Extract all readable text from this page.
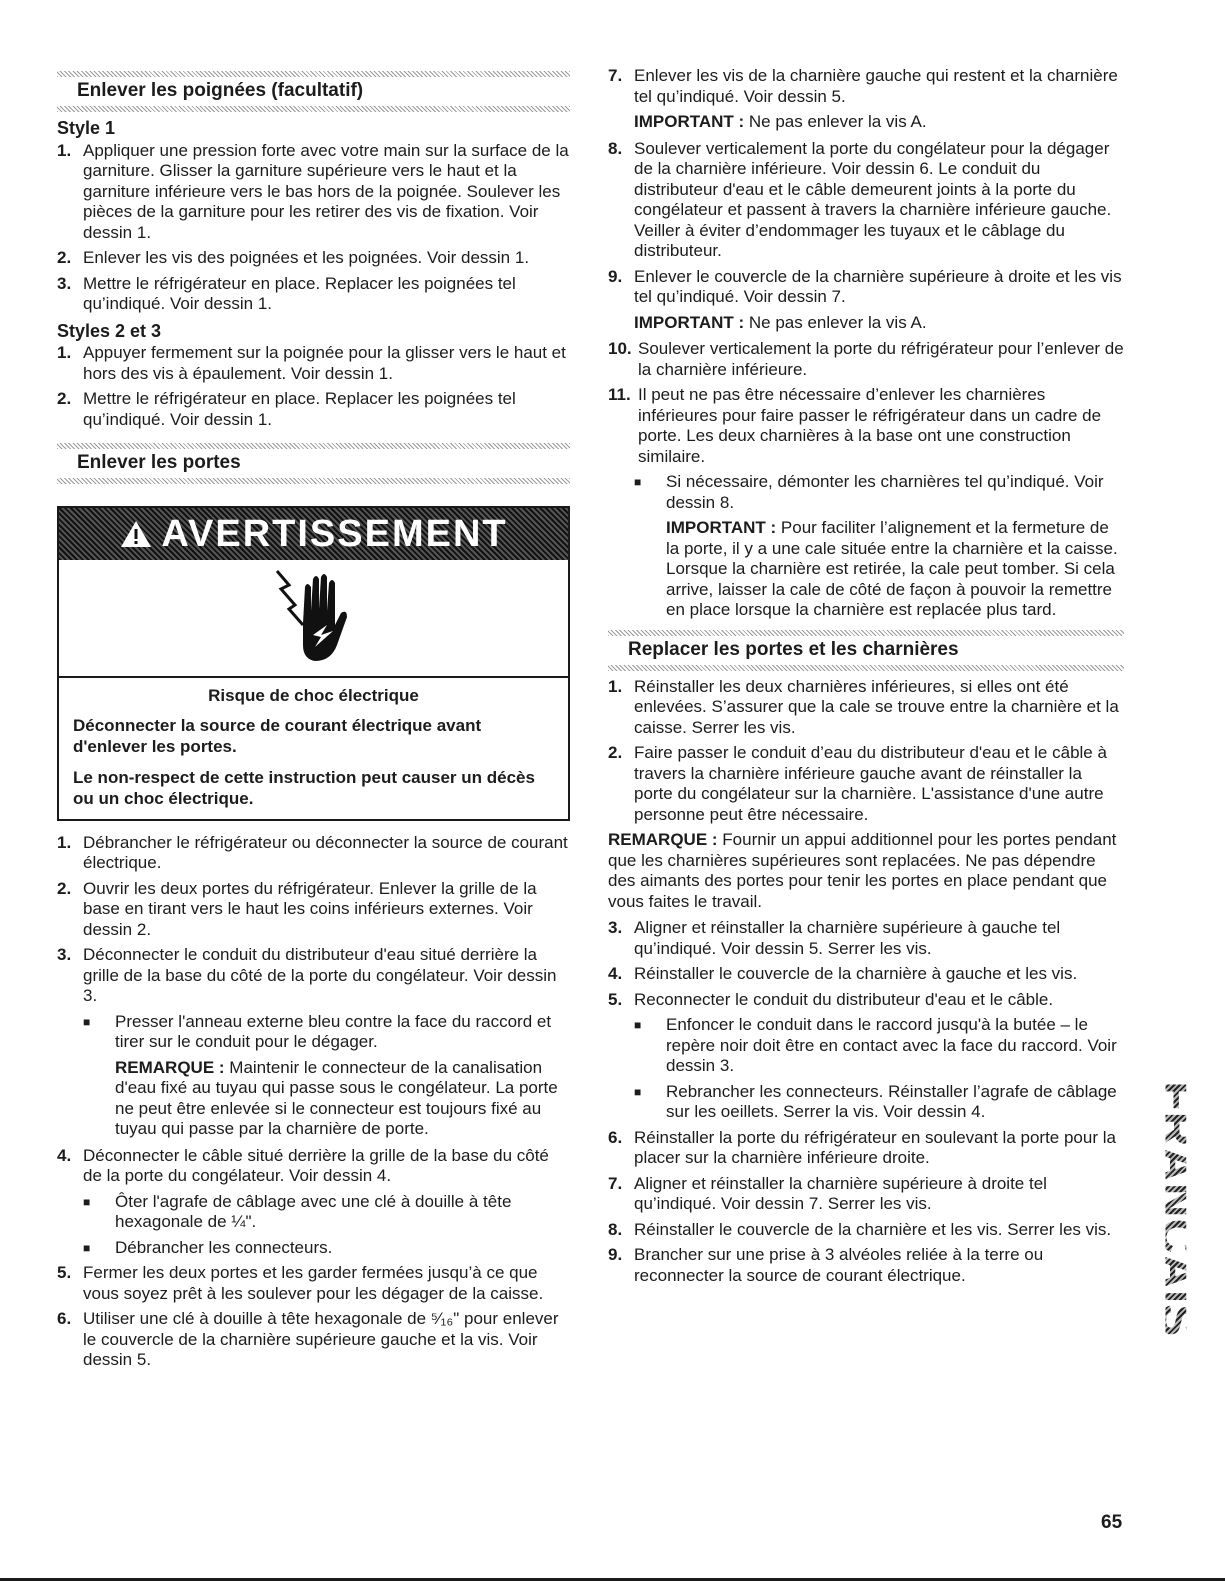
Enlever les poignées (facultatif)
Style 1
1. Appliquer une pression forte avec votre main sur la surface de la garniture. Glisser la garniture supérieure vers le haut et la garniture inférieure vers le bas hors de la poignée. Soulever les pièces de la garniture pour les retirer des vis de fixation. Voir dessin 1.
2. Enlever les vis des poignées et les poignées. Voir dessin 1.
3. Mettre le réfrigérateur en place. Replacer les poignées tel qu’indiqué. Voir dessin 1.
Styles 2 et 3
1. Appuyer fermement sur la poignée pour la glisser vers le haut et hors des vis à épaulement. Voir dessin 1.
2. Mettre le réfrigérateur en place. Replacer les poignées tel qu’indiqué. Voir dessin 1.
Enlever les portes
AVERTISSEMENT
Risque de choc électrique
Déconnecter la source de courant électrique avant d'enlever les portes.
Le non-respect de cette instruction peut causer un décès ou un choc électrique.
1. Débrancher le réfrigérateur ou déconnecter la source de courant électrique.
2. Ouvrir les deux portes du réfrigérateur. Enlever la grille de la base en tirant vers le haut les coins inférieurs externes. Voir dessin 2.
3. Déconnecter le conduit du distributeur d'eau situé derrière la grille de la base du côté de la porte du congélateur. Voir dessin 3.
■	Presser l'anneau externe bleu contre la face du raccord et tirer sur le conduit pour le dégager.
REMARQUE : Maintenir le connecteur de la canalisation d'eau fixé au tuyau qui passe sous le congélateur. La porte ne peut être enlevée si le connecteur est toujours fixé au tuyau qui passe par la charnière de porte.
4. Déconnecter le câble situé derrière la grille de la base du côté de la porte du congélateur. Voir dessin 4.
■	Ôter l'agrafe de câblage avec une clé à douille à tête hexagonale de ¼".
■	Débrancher les connecteurs.
5. Fermer les deux portes et les garder fermées jusqu’à ce que vous soyez prêt à les soulever pour les dégager de la caisse.
6. Utiliser une clé à douille à tête hexagonale de ⁵⁄₁₆" pour enlever le couvercle de la charnière supérieure gauche et la vis. Voir dessin 5.
7. Enlever les vis de la charnière gauche qui restent et la charnière tel qu’indiqué. Voir dessin 5.
IMPORTANT : Ne pas enlever la vis A.
8. Soulever verticalement la porte du congélateur pour la dégager de la charnière inférieure. Voir dessin 6. Le conduit du distributeur d'eau et le câble demeurent joints à la porte du congélateur et passent à travers la charnière inférieure gauche. Veiller à éviter d’endommager les tuyaux et le câblage du distributeur.
9. Enlever le couvercle de la charnière supérieure à droite et les vis tel qu’indiqué. Voir dessin 7.
IMPORTANT : Ne pas enlever la vis A.
10. Soulever verticalement la porte du réfrigérateur pour l’enlever de la charnière inférieure.
11. Il peut ne pas être nécessaire d’enlever les charnières inférieures pour faire passer le réfrigérateur dans un cadre de porte. Les deux charnières à la base ont une construction similaire.
■	Si nécessaire, démonter les charnières tel qu’indiqué. Voir dessin 8.
IMPORTANT : Pour faciliter l’alignement et la fermeture de la porte, il y a une cale située entre la charnière et la caisse. Lorsque la charnière est retirée, la cale peut tomber. Si cela arrive, laisser la cale de côté de façon à pouvoir la remettre en place lorsque la charnière est replacée plus tard.
Replacer les portes et les charnières
1. Réinstaller les deux charnières inférieures, si elles ont été enlevées. S’assurer que la cale se trouve entre la charnière et la caisse. Serrer les vis.
2. Faire passer le conduit d’eau du distributeur d'eau et le câble à travers la charnière inférieure gauche avant de réinstaller la porte du congélateur sur la charnière. L'assistance d'une autre personne peut être nécessaire.
REMARQUE : Fournir un appui additionnel pour les portes pendant que les charnières supérieures sont replacées. Ne pas dépendre des aimants des portes pour tenir les portes en place pendant que vous faites le travail.
3. Aligner et réinstaller la charnière supérieure à gauche tel qu’indiqué. Voir dessin 5. Serrer les vis.
4. Réinstaller le couvercle de la charnière à gauche et les vis.
5. Reconnecter le conduit du distributeur d'eau et le câble.
■	Enfoncer le conduit dans le raccord jusqu'à la butée – le repère noir doit être en contact avec la face du raccord. Voir dessin 3.
■	Rebrancher les connecteurs. Réinstaller l’agrafe de câblage sur les oeillets. Serrer la vis. Voir dessin 4.
6. Réinstaller la porte du réfrigérateur en soulevant la porte pour la placer sur la charnière inférieure droite.
7. Aligner et réinstaller la charnière supérieure à droite tel qu’indiqué. Voir dessin 7. Serrer les vis.
8. Réinstaller le couvercle de la charnière et les vis. Serrer les vis.
9. Brancher sur une prise à 3 alvéoles reliée à la terre ou reconnecter la source de courant électrique.	FRANÇAIS
65
